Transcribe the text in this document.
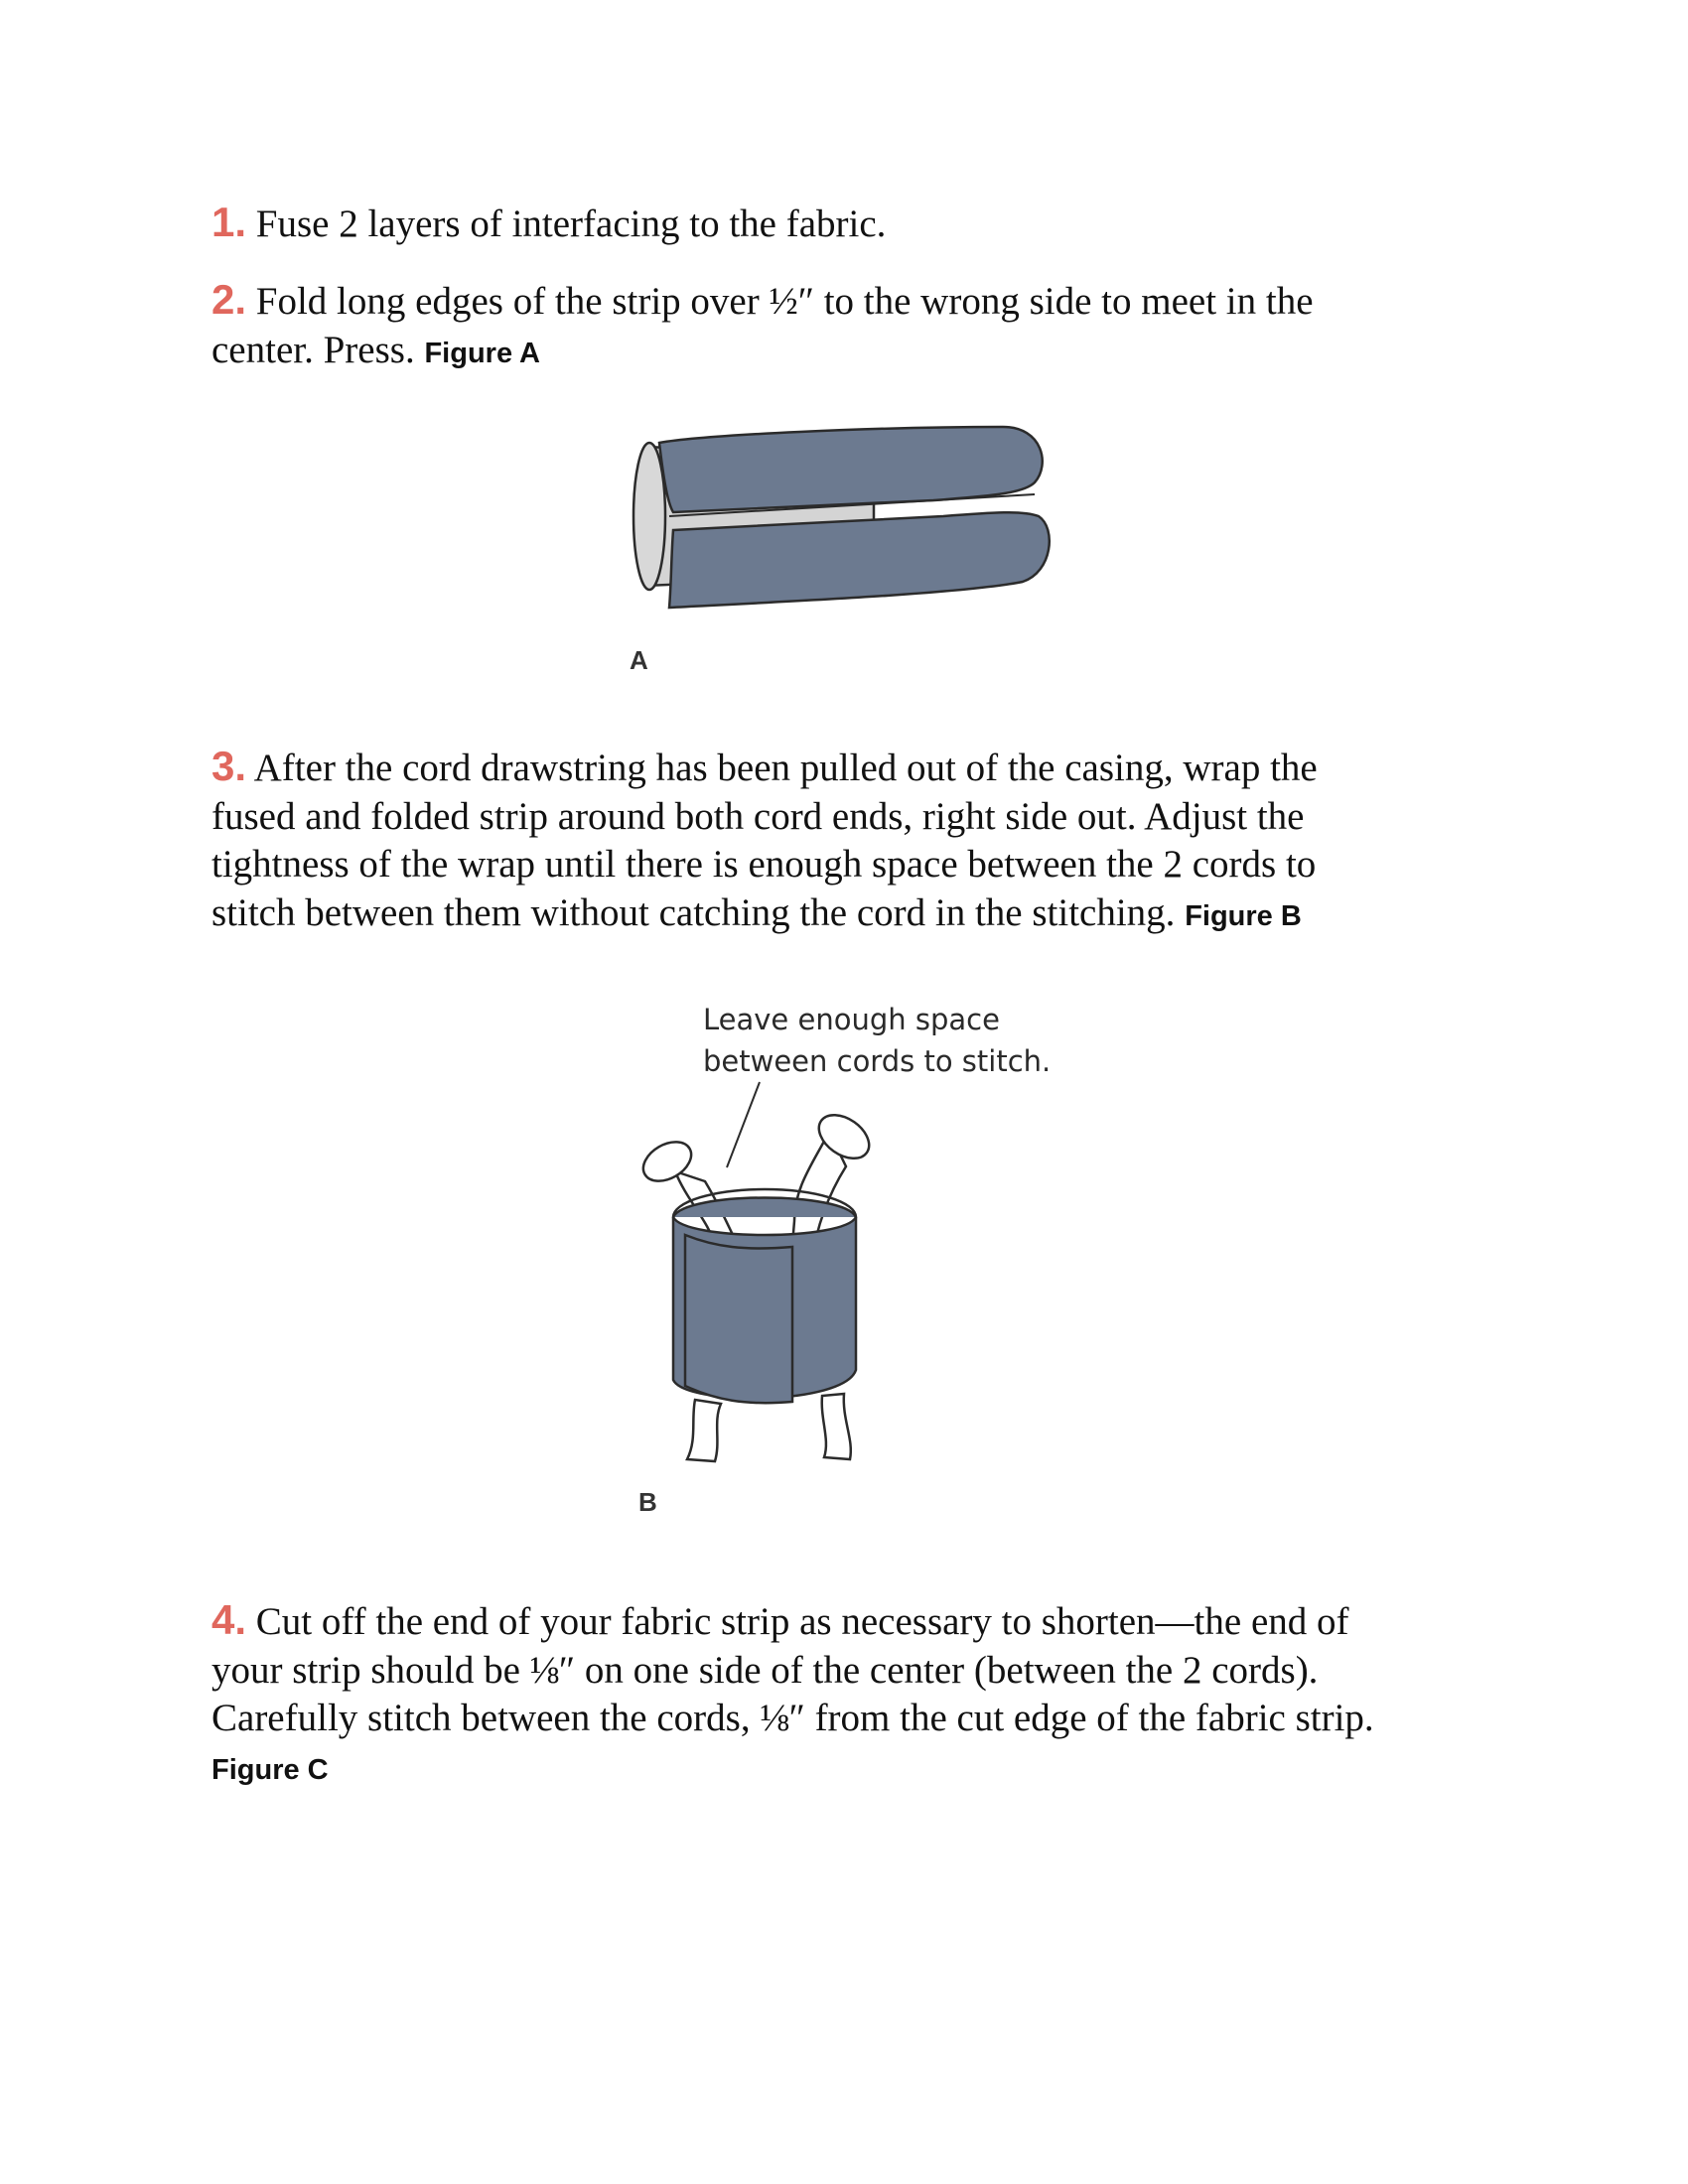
1. Fuse 2 layers of interfacing to the fabric.

2. Fold long edges of the strip over ½″ to the wrong side to meet in the
center. Press. Figure A

A

3. After the cord drawstring has been pulled out of the casing, wrap the
fused and folded strip around both cord ends, right side out. Adjust the
tightness of the wrap until there is enough space between the 2 cords to
stitch between them without catching the cord in the stitching. Figure B

Leave enough space
between cords to stitch.
B

4. Cut off the end of your fabric strip as necessary to shorten—the end of
your strip should be ⅛″ on one side of the center (between the 2 cords).
Carefully stitch between the cords, ⅛″ from the cut edge of the fabric strip.
Figure C
